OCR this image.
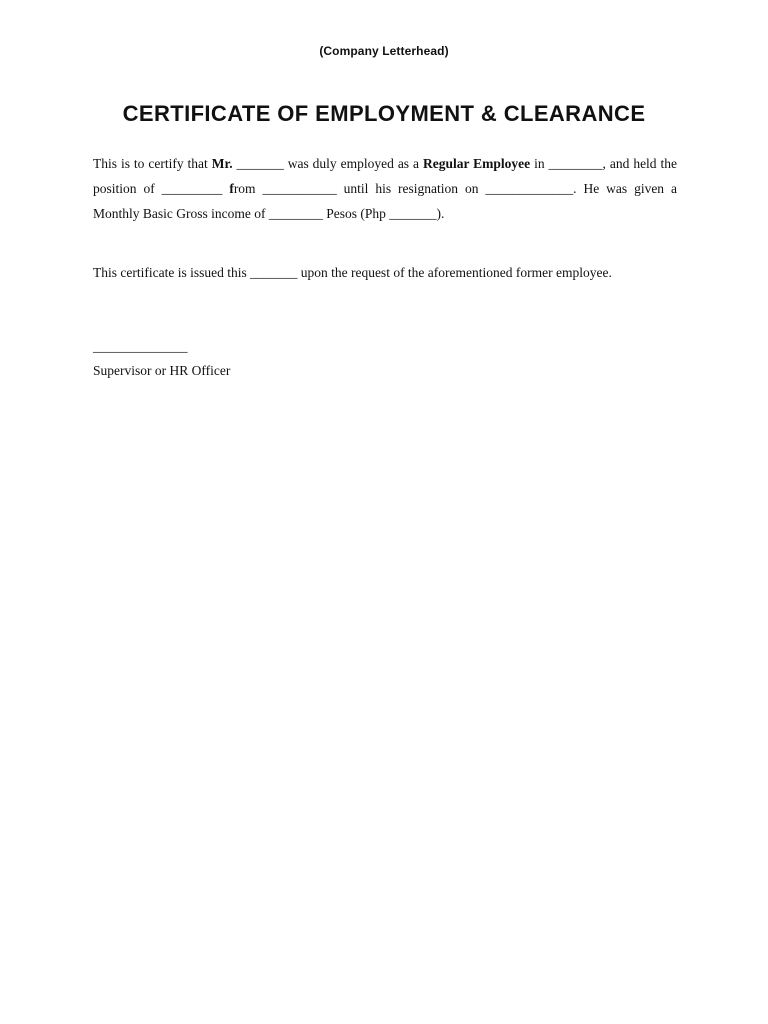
(Company Letterhead)
CERTIFICATE OF EMPLOYMENT & CLEARANCE
This is to certify that Mr. _______ was duly employed as a Regular Employee in ________, and held the position of _________ from ___________ until his resignation on _____________. He was given a Monthly Basic Gross income of ________ Pesos (Php _______).
This certificate is issued this _______ upon the request of the aforementioned former employee.
______________
Supervisor or HR Officer
